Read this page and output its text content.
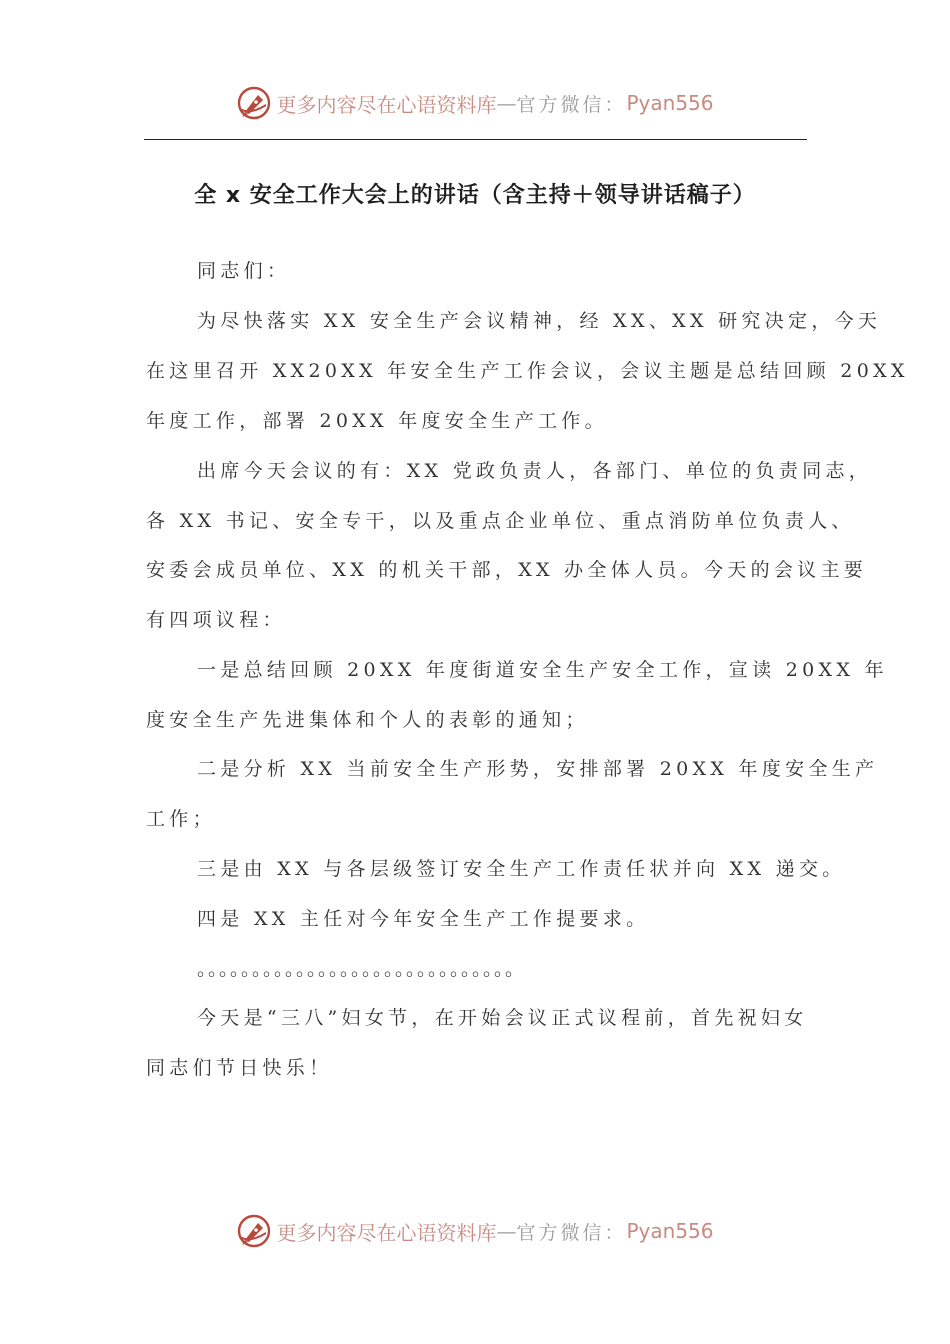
更多内容尽在心语资料库 — 官方微信： Pyan556
全 x 安全工作大会上的讲话（含主持＋领导讲话稿子）
同志们：
为尽快落实 XX 安全生产会议精神，经 XX、XX 研究决定，今天
在这里召开 XX20XX 年安全生产工作会议，会议主题是总结回顾 20XX
年度工作，部署 20XX 年度安全生产工作。
出席今天会议的有：XX 党政负责人，各部门、单位的负责同志，
各 XX 书记、安全专干，以及重点企业单位、重点消防单位负责人、
安委会成员单位、XX 的机关干部，XX 办全体人员。今天的会议主要
有四项议程：
一是总结回顾 20XX 年度街道安全生产安全工作，宣读 20XX 年
度安全生产先进集体和个人的表彰的通知；
二是分析 XX 当前安全生产形势，安排部署 20XX 年度安全生产
工作；
三是由 XX 与各层级签订安全生产工作责任状并向 XX 递交。
四是 XX 主任对今年安全生产工作提要求。
。。。。。。。。。。。。。。。。。。。。。。。。。。。。。
今天是“三八”妇女节，在开始会议正式议程前，首先祝妇女
同志们节日快乐！
更多内容尽在心语资料库 — 官方微信： Pyan556
